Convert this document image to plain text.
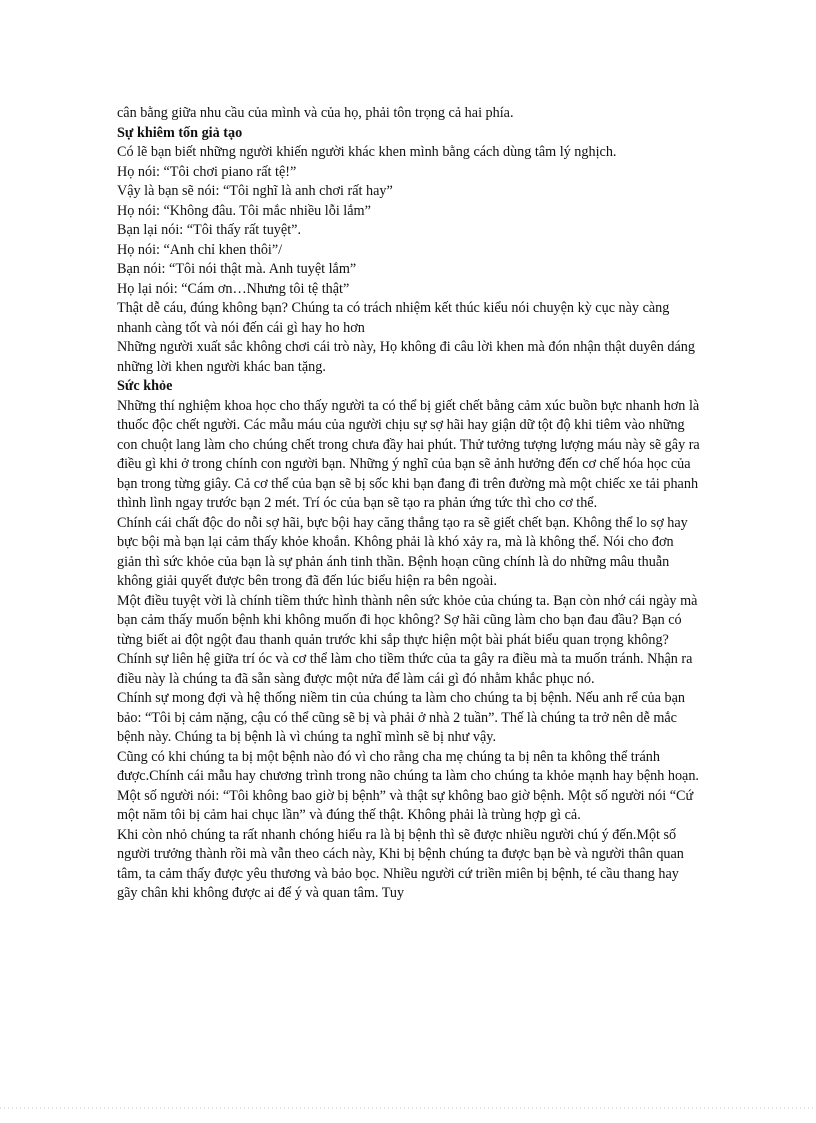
cân bằng giữa nhu cầu của mình và của họ, phải tôn trọng cả hai phía.

Sự khiêm tốn giả tạo

Có lẽ bạn biết những người khiến người khác khen mình bằng cách dùng tâm lý nghịch.

Họ nói: “Tôi chơi piano rất tệ!”

Vậy là bạn sẽ nói: “Tôi nghĩ là anh chơi rất hay”

Họ nói: “Không đâu. Tôi mắc nhiều lỗi lắm”

Bạn lại nói: “Tôi thấy rất tuyệt”.

Họ nói: “Anh chỉ khen thôi”/

Bạn nói: “Tôi nói thật mà. Anh tuyệt lắm”

Họ lại nói: “Cám ơn…Nhưng tôi tệ thật”

Thật dễ cáu, đúng không bạn? Chúng ta có trách nhiệm kết thúc kiểu nói chuyện kỳ cục này càng nhanh càng tốt và nói đến cái gì hay ho hơn

Những người xuất sắc không chơi cái trò này, Họ không đi câu lời khen mà đón nhận thật duyên dáng những lời khen người khác ban tặng.

Sức khỏe

Những thí nghiệm khoa học cho thấy người ta có thể bị giết chết bằng cảm xúc buồn bực nhanh hơn là thuốc độc chết người. Các mẫu máu của người chịu sự sợ hãi hay giận dữ tột độ khi tiêm vào những con chuột lang làm cho chúng chết trong chưa đầy hai phút. Thử tưởng tượng lượng máu này sẽ gây ra điều gì khi ở trong chính con người bạn. Những ý nghĩ của bạn sẽ ảnh hưởng đến cơ chế hóa học của bạn trong từng giây. Cả cơ thể của bạn sẽ bị sốc khi bạn đang đi trên đường mà một chiếc xe tải phanh thình lình ngay trước bạn 2 mét. Trí óc của bạn sẽ tạo ra phản ứng tức thì cho cơ thể.

Chính cái chất độc do nỗi sợ hãi, bực bội hay căng thẳng tạo ra sẽ giết chết bạn. Không thể lo sợ hay bực bội mà bạn lại cảm thấy khỏe khoắn. Không phải là khó xảy ra, mà là không thể. Nói cho đơn giản thì sức khỏe của bạn là sự phản ánh tinh thần. Bệnh hoạn cũng chính là do những mâu thuẫn không giải quyết được bên trong đã đến lúc biểu hiện ra bên ngoài.

Một điều tuyệt vời là chính tiềm thức hình thành nên sức khỏe của chúng ta. Bạn còn nhớ cái ngày mà bạn cảm thấy muốn bệnh khi không muốn đi học không? Sợ hãi cũng làm cho bạn đau đầu? Bạn có từng biết ai đột ngột đau thanh quản trước khi sắp thực hiện một bài phát biểu quan trọng không? Chính sự liên hệ giữa trí óc và cơ thể làm cho tiềm thức của ta gây ra điều mà ta muốn tránh. Nhận ra điều này là chúng ta đã sẵn sàng được một nửa để làm cái gì đó nhằm khắc phục nó.

Chính sự mong đợi và hệ thống niềm tin của chúng ta làm cho chúng ta bị bệnh. Nếu anh rể của bạn bảo: “Tôi bị cảm nặng, cậu có thể cũng sẽ bị và phải ở nhà 2 tuần”. Thế là chúng ta trở nên dễ mắc bệnh này. Chúng ta bị bệnh là vì chúng ta nghĩ mình sẽ bị như vậy.

Cũng có khi chúng ta bị một bệnh nào đó vì cho rằng cha mẹ chúng ta bị nên ta không thể tránh được.Chính cái mẫu hay chương trình trong não chúng ta làm cho chúng ta khỏe mạnh hay bệnh hoạn. Một số người nói: “Tôi không bao giờ bị bệnh” và thật sự không bao giờ bệnh. Một số người nói “Cứ một năm tôi bị cảm hai chục lần” và đúng thế thật. Không phải là trùng hợp gì cả.

Khi còn nhỏ chúng ta rất nhanh chóng hiểu ra là bị bệnh thì sẽ được nhiều người chú ý đến.Một số người trưởng thành rồi mà vẫn theo cách này, Khi bị bệnh chúng ta được bạn bè và người thân quan tâm, ta cảm thấy được yêu thương và bảo bọc. Nhiều người cứ triền miên bị bệnh, té cầu thang hay gãy chân khi không được ai để ý và quan tâm. Tuy
